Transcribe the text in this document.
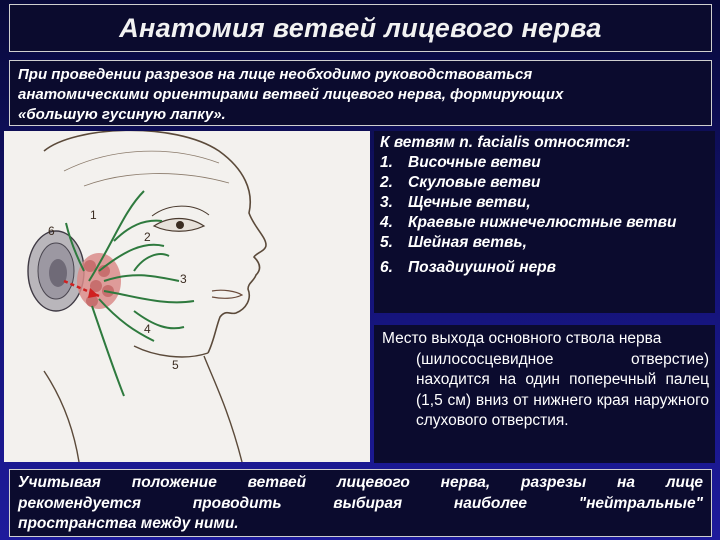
Анатомия ветвей лицевого нерва
При проведении разрезов на лице необходимо руководствоваться
анатомическими ориентирами ветвей лицевого нерва, формирующих
«большую гусиную лапку».
1
2
3
4
5
6
К ветвям n. facialis относятся:
1. Височные ветви
2. Скуловые ветви
3. Щечные ветви,
4. Краевые нижнечелюстные ветви
5. Шейная ветвь,
6. Позадиушной нерв
Место выхода основного ствола нерва
(шилососцевидное отверстие) находится на один поперечный палец (1,5 см) вниз от нижнего края наружного слухового отверстия.
Учитывая положение ветвей лицевого нерва, разрезы на лице
рекомендуется проводить выбирая наиболее "нейтральные"
пространства между ними.
